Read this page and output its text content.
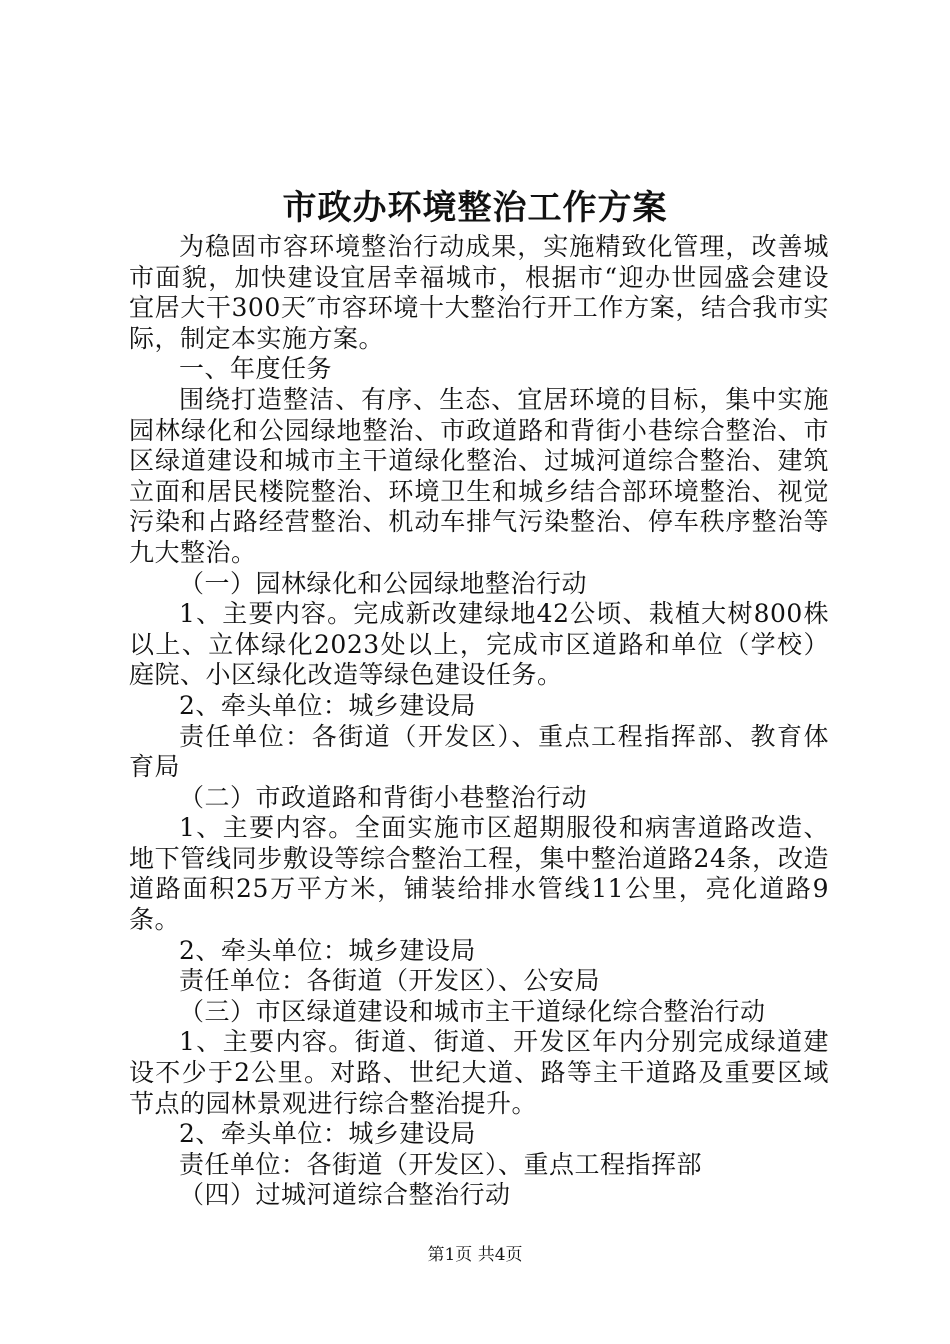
市政办环境整治工作方案

为稳固市容环境整治行动成果，实施精致化管理，改善城市面貌，加快建设宜居幸福城市，根据市“迎办世园盛会建设宜居大干300天″市容环境十大整治行开工作方案，结合我市实际，制定本实施方案。

一、年度任务

围绕打造整洁、有序、生态、宜居环境的目标，集中实施园林绿化和公园绿地整治、市政道路和背街小巷综合整治、市区绿道建设和城市主干道绿化整治、过城河道综合整治、建筑立面和居民楼院整治、环境卫生和城乡结合部环境整治、视觉污染和占路经营整治、机动车排气污染整治、停车秩序整治等九大整治。

（一）园林绿化和公园绿地整治行动

1、主要内容。完成新改建绿地42公顷、栽植大树800株以上、立体绿化2023处以上，完成市区道路和单位（学校）庭院、小区绿化改造等绿色建设任务。

2、牵头单位：城乡建设局

责任单位：各街道（开发区）、重点工程指挥部、教育体育局

（二）市政道路和背街小巷整治行动

1、主要内容。全面实施市区超期服役和病害道路改造、地下管线同步敷设等综合整治工程，集中整治道路24条，改造道路面积25万平方米，铺装给排水管线11公里，亮化道路9条。

2、牵头单位：城乡建设局

责任单位：各街道（开发区）、公安局

（三）市区绿道建设和城市主干道绿化综合整治行动

1、主要内容。街道、街道、开发区年内分别完成绿道建设不少于2公里。对路、世纪大道、路等主干道路及重要区域节点的园林景观进行综合整治提升。

2、牵头单位：城乡建设局

责任单位：各街道（开发区）、重点工程指挥部

（四）过城河道综合整治行动

第1页 共4页
